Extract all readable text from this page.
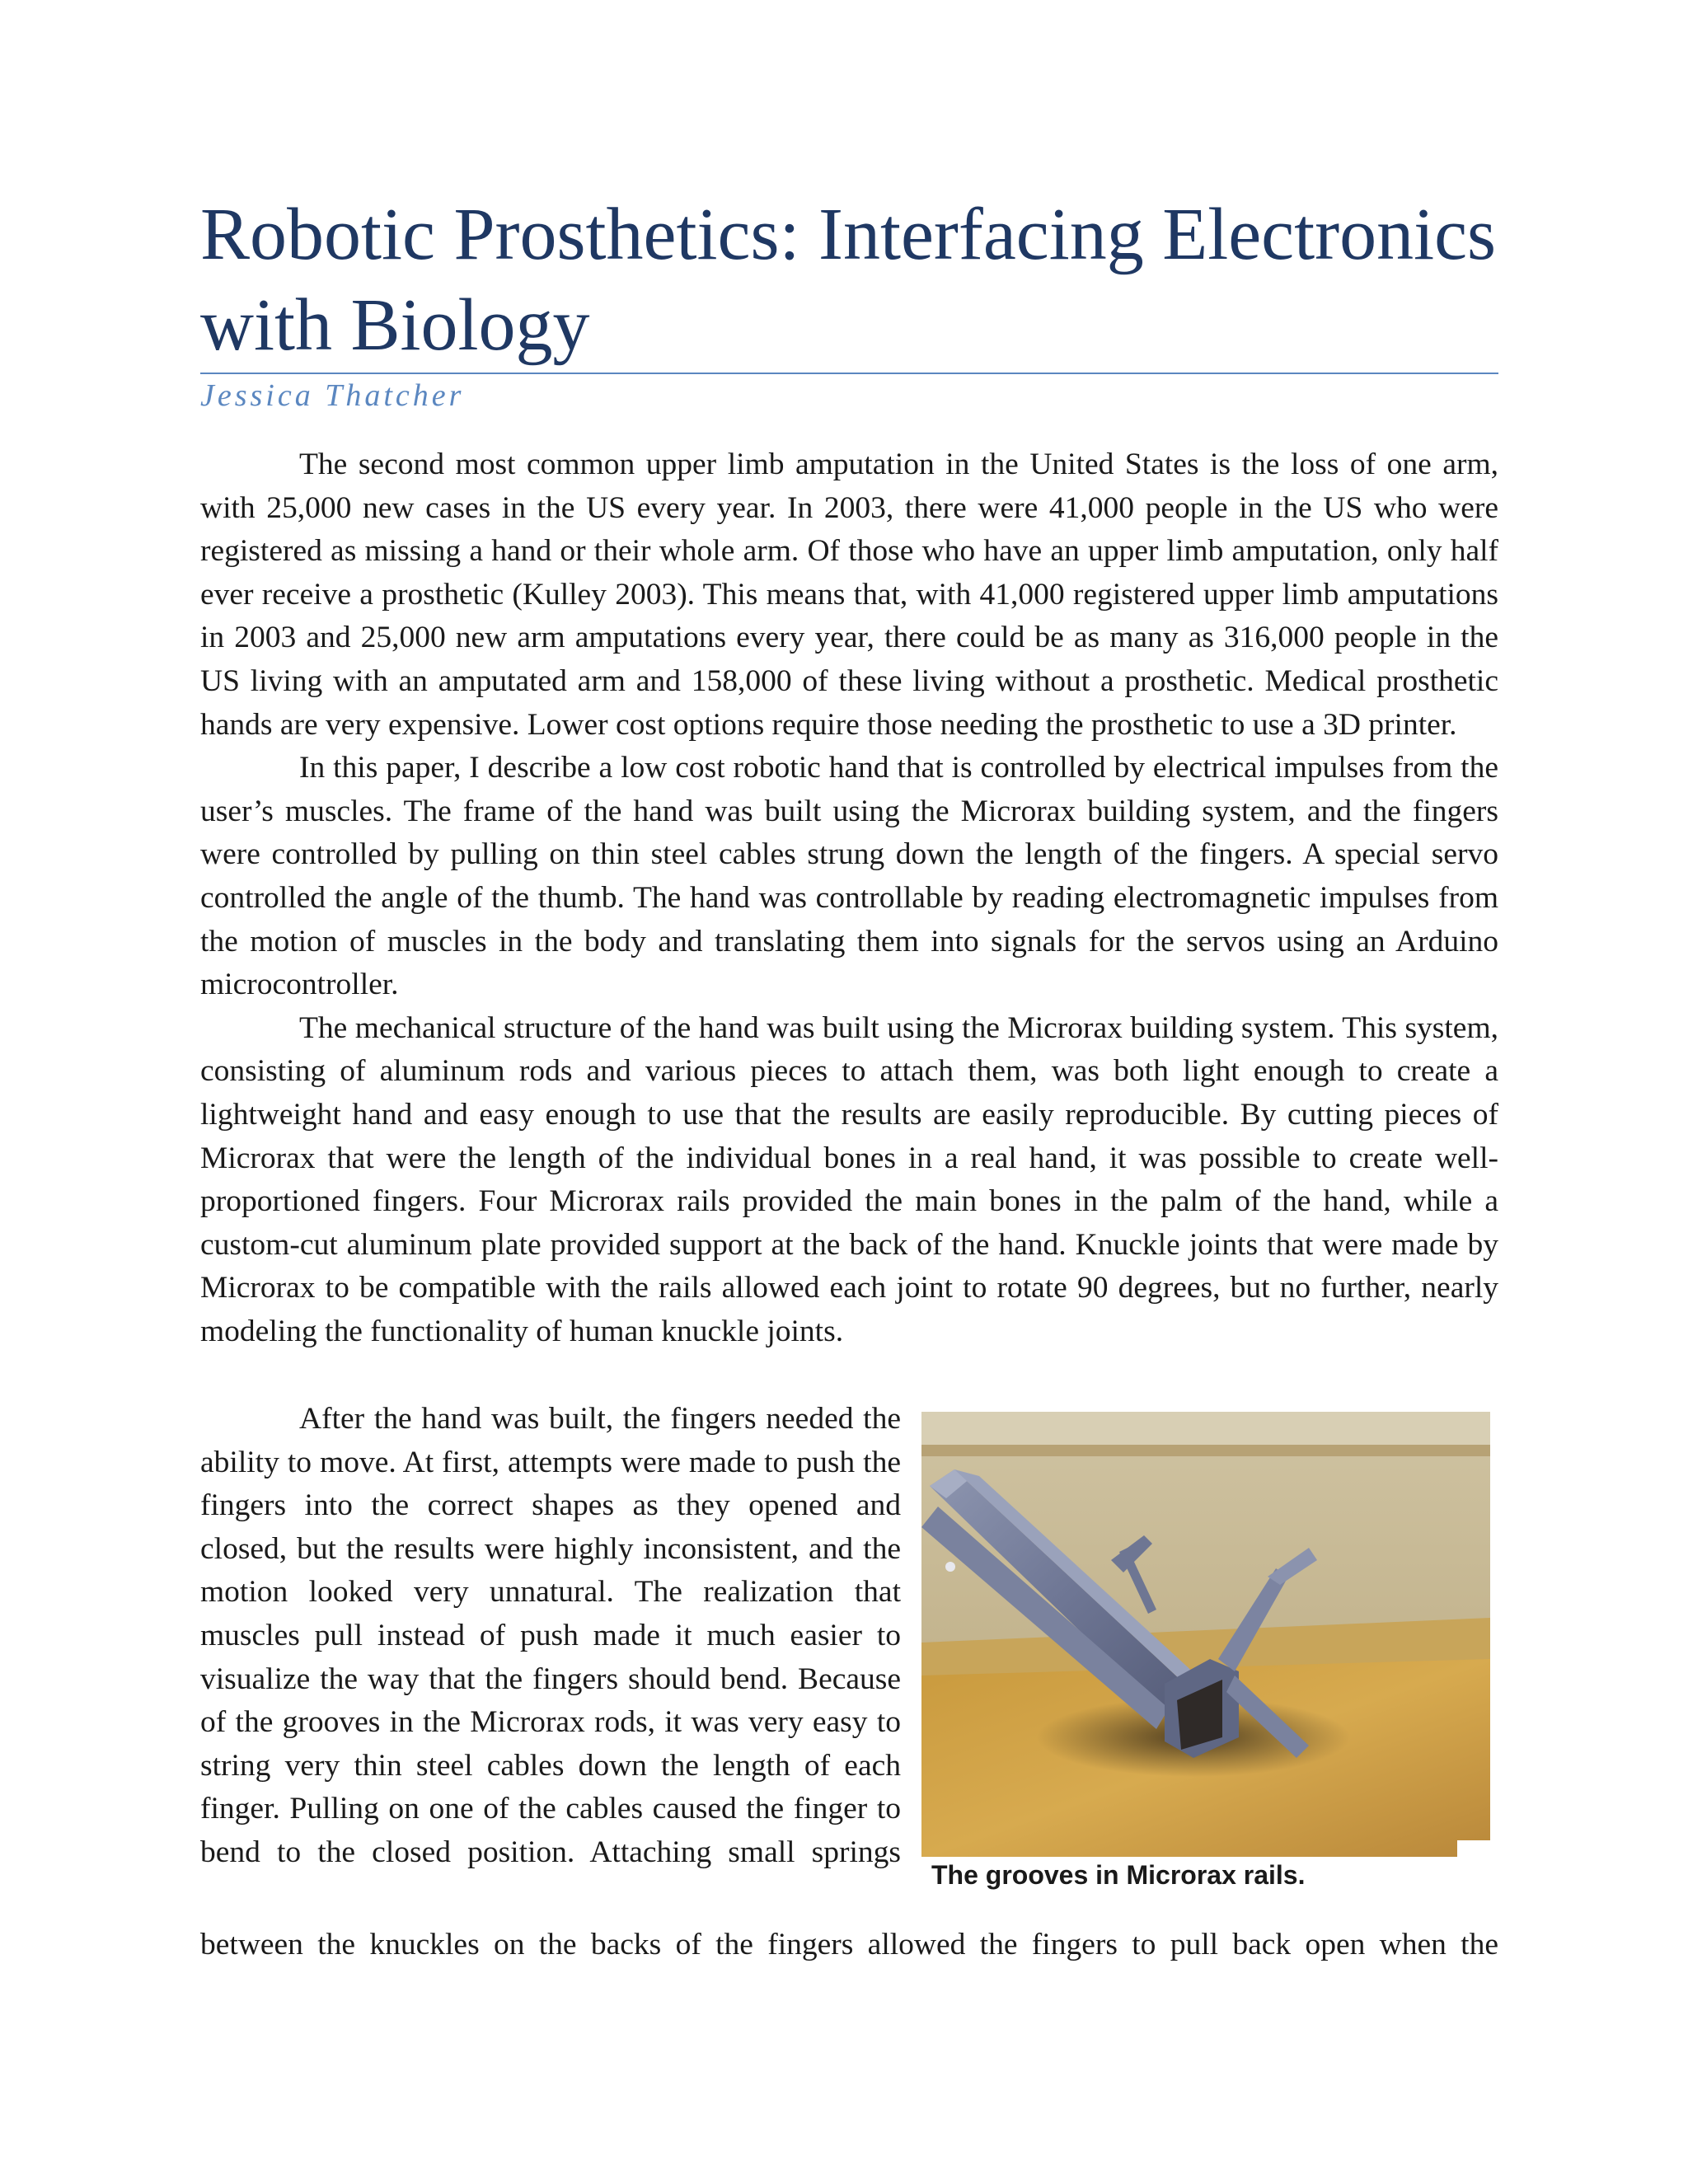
Robotic Prosthetics: Interfacing Electronics with Biology
Jessica Thatcher

The second most common upper limb amputation in the United States is the loss of one arm, with 25,000 new cases in the US every year. In 2003, there were 41,000 people in the US who were registered as missing a hand or their whole arm. Of those who have an upper limb amputation, only half ever receive a prosthetic (Kulley 2003). This means that, with 41,000 registered upper limb amputations in 2003 and 25,000 new arm amputations every year, there could be as many as 316,000 people in the US living with an amputated arm and 158,000 of these living without a prosthetic. Medical prosthetic hands are very expensive. Lower cost options require those needing the prosthetic to use a 3D printer.

In this paper, I describe a low cost robotic hand that is controlled by electrical impulses from the user’s muscles. The frame of the hand was built using the Microrax building system, and the fingers were controlled by pulling on thin steel cables strung down the length of the fingers. A special servo controlled the angle of the thumb. The hand was controllable by reading electromagnetic impulses from the motion of muscles in the body and translating them into signals for the servos using an Arduino microcontroller.

The mechanical structure of the hand was built using the Microrax building system. This system, consisting of aluminum rods and various pieces to attach them, was both light enough to create a lightweight hand and easy enough to use that the results are easily reproducible. By cutting pieces of Microrax that were the length of the individual bones in a real hand, it was possible to create well-proportioned fingers. Four Microrax rails provided the main bones in the palm of the hand, while a custom-cut aluminum plate provided support at the back of the hand. Knuckle joints that were made by Microrax to be compatible with the rails allowed each joint to rotate 90 degrees, but no further, nearly modeling the functionality of human knuckle joints.

After the hand was built, the fingers needed the ability to move. At first, attempts were made to push the fingers into the correct shapes as they opened and closed, but the results were highly inconsistent, and the motion looked very unnatural. The realization that muscles pull instead of push made it much easier to visualize the way that the fingers should bend. Because of the grooves in the Microrax rods, it was very easy to string very thin steel cables down the length of each finger. Pulling on one of the cables caused the finger to bend to the closed position. Attaching small springs

between the knuckles on the backs of the fingers allowed the fingers to pull back open when the
The grooves in Microrax rails.
